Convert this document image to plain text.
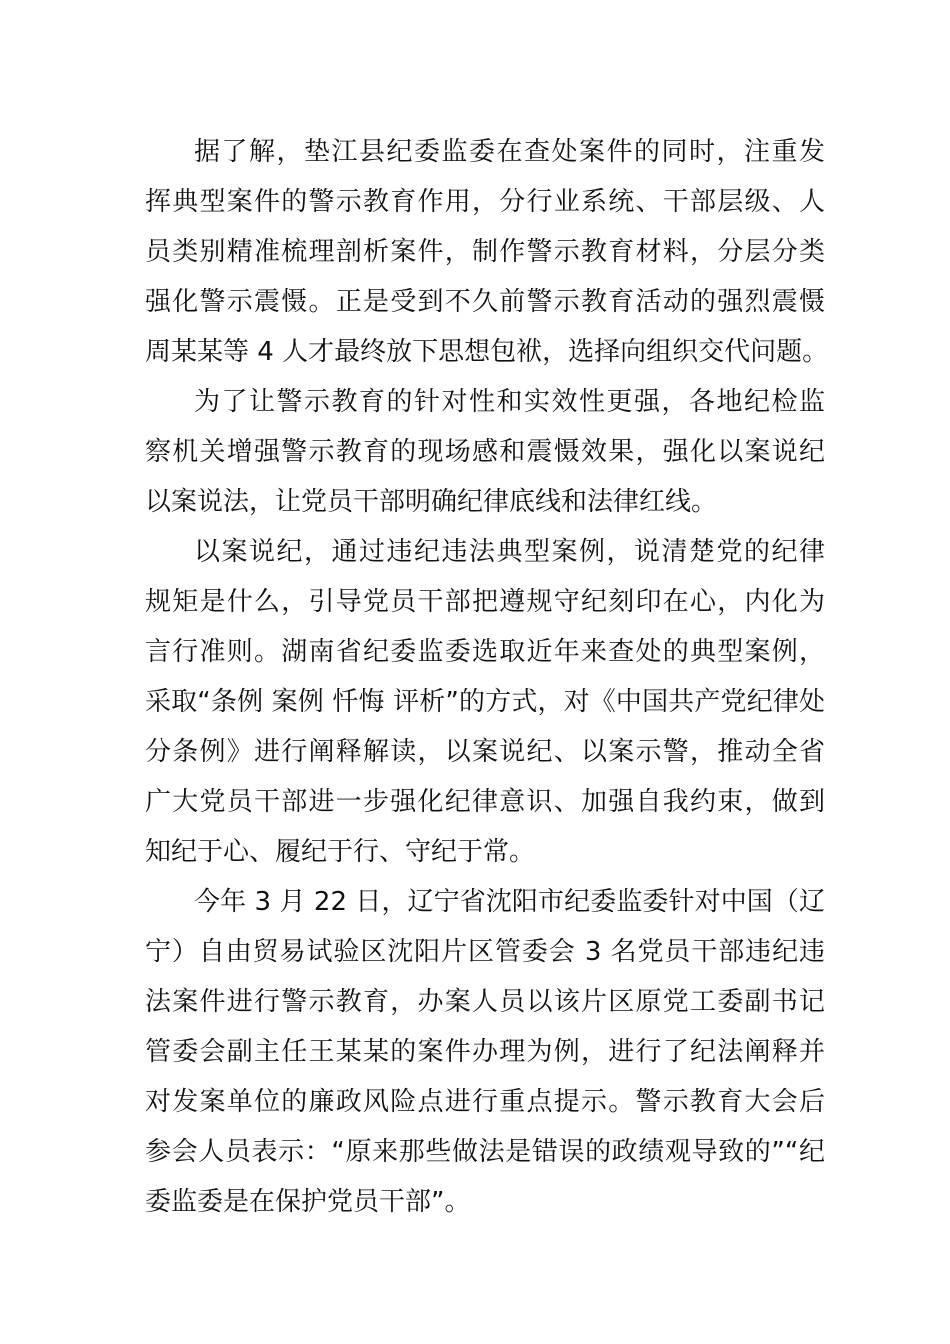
据了解，垫江县纪委监委在查处案件的同时，注重发
挥典型案件的警示教育作用，分行业系统、干部层级、人
员类别精准梳理剖析案件，制作警示教育材料，分层分类
强化警示震慑。正是受到不久前警示教育活动的强烈震慑
周某某等 4 人才最终放下思想包袱，选择向组织交代问题。
为了让警示教育的针对性和实效性更强，各地纪检监
察机关增强警示教育的现场感和震慑效果，强化以案说纪
以案说法，让党员干部明确纪律底线和法律红线。
以案说纪，通过违纪违法典型案例，说清楚党的纪律
规矩是什么，引导党员干部把遵规守纪刻印在心，内化为
言行准则。湖南省纪委监委选取近年来查处的典型案例，
采取“条例 案例 忏悔 评析”的方式，对《中国共产党纪律处
分条例》进行阐释解读，以案说纪、以案示警，推动全省
广大党员干部进一步强化纪律意识、加强自我约束，做到
知纪于心、履纪于行、守纪于常。
今年 3 月 22 日，辽宁省沈阳市纪委监委针对中国（辽
宁）自由贸易试验区沈阳片区管委会 3 名党员干部违纪违
法案件进行警示教育，办案人员以该片区原党工委副书记
管委会副主任王某某的案件办理为例，进行了纪法阐释并
对发案单位的廉政风险点进行重点提示。警示教育大会后
参会人员表示：“原来那些做法是错误的政绩观导致的”“纪
委监委是在保护党员干部”。
